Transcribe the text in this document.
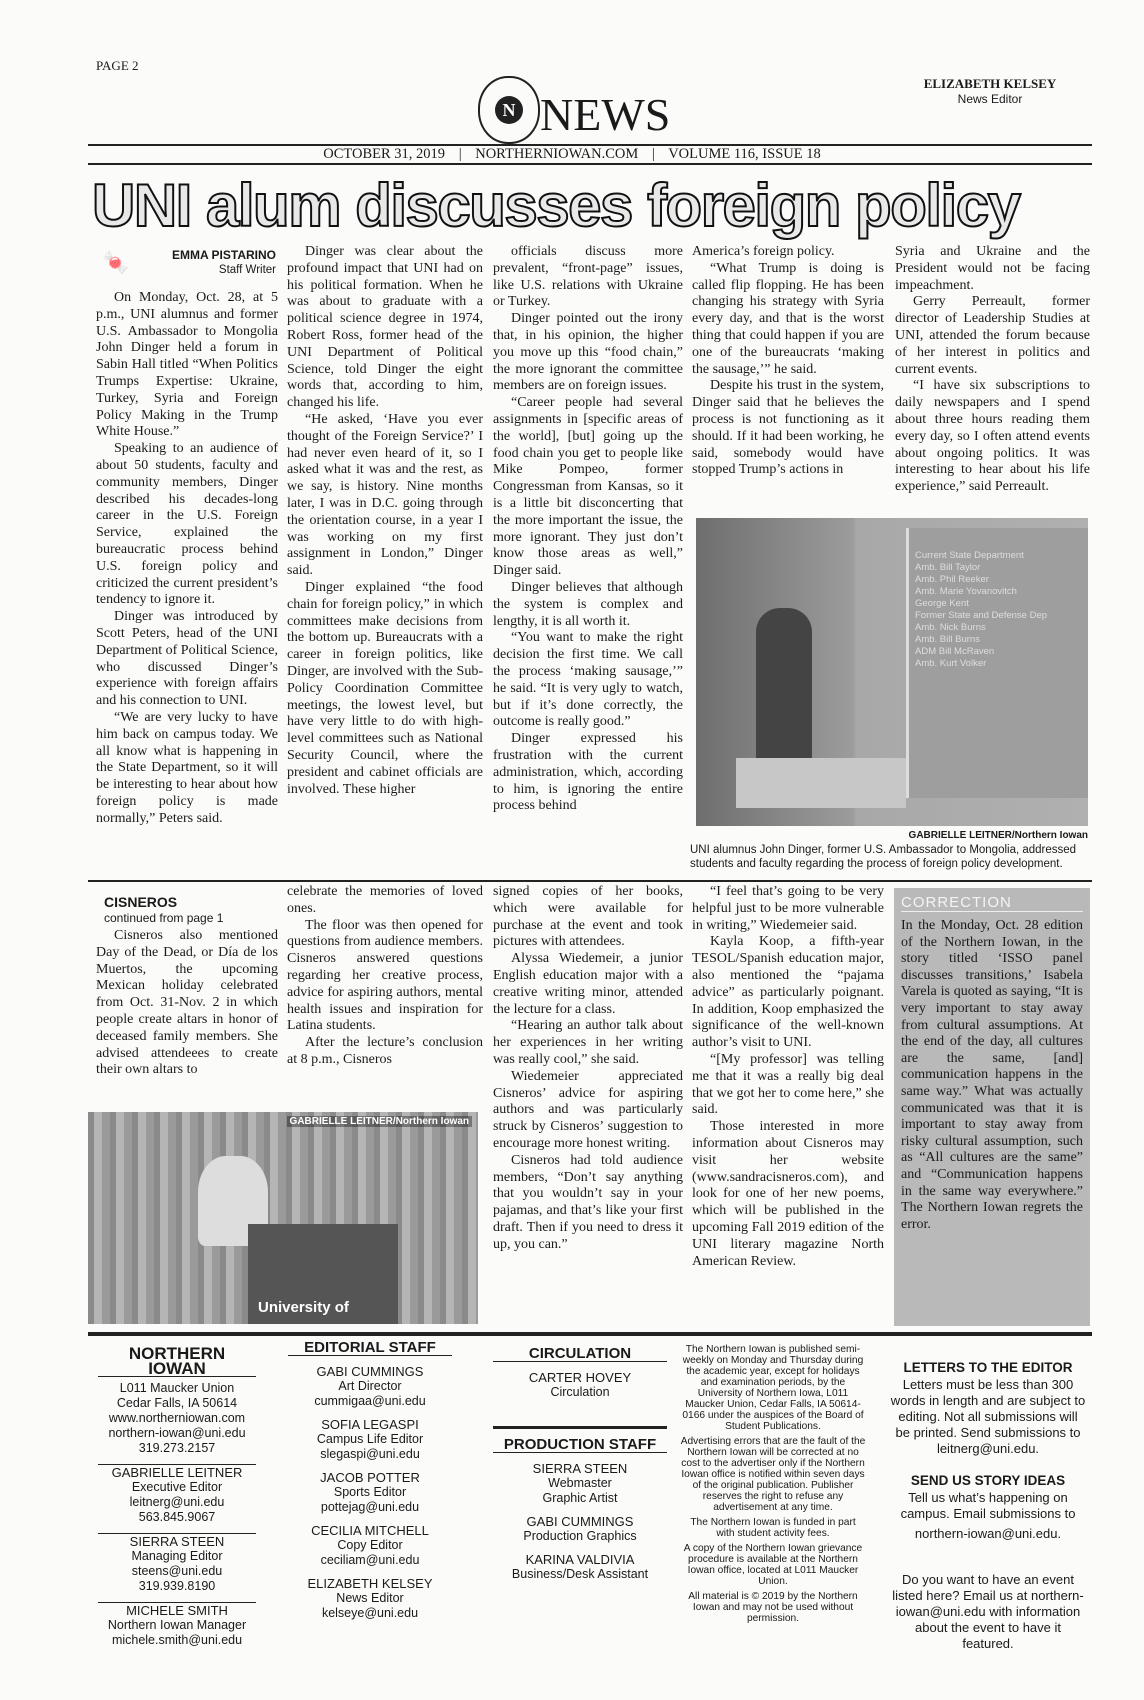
PAGE 2
N NEWS
ELIZABETH KELSEY
News Editor
OCTOBER 31, 2019 | NORTHERNIOWAN.COM | VOLUME 116, ISSUE 18
UNI alum discusses foreign policy
🍬	EMMA PISTARINO
Staff Writer

On Monday, Oct. 28, at 5 p.m., UNI alumnus and former U.S. Ambassador to Mongolia John Dinger held a forum in Sabin Hall titled “When Politics Trumps Expertise: Ukraine, Turkey, Syria and Foreign Policy Making in the Trump White House.”

Speaking to an audience of about 50 students, faculty and community members, Dinger described his decades-long career in the U.S. Foreign Service, explained the bureaucratic process behind U.S. foreign policy and criticized the current president’s tendency to ignore it.

Dinger was introduced by Scott Peters, head of the UNI Department of Political Science, who discussed Dinger’s experience with foreign affairs and his connection to UNI.

“We are very lucky to have him back on campus today. We all know what is happening in the State Department, so it will be interesting to hear about how foreign policy is made normally,” Peters said.

Dinger was clear about the profound impact that UNI had on his political formation. When he was about to graduate with a political science degree in 1974, Robert Ross, former head of the UNI Department of Political Science, told Dinger the eight words that, according to him, changed his life.

“He asked, ‘Have you ever thought of the Foreign Service?’ I had never even heard of it, so I asked what it was and the rest, as we say, is history. Nine months later, I was in D.C. going through the orientation course, in a year I was working on my first assignment in London,” Dinger said.

Dinger explained “the food chain for foreign policy,” in which committees make decisions from the bottom up. Bureaucrats with a career in foreign politics, like Dinger, are involved with the Sub-Policy Coordination Committee meetings, the lowest level, but have very little to do with high-level committees such as National Security Council, where the president and cabinet officials are involved. These higher

officials discuss more prevalent, “front-page” issues, like U.S. relations with Ukraine or Turkey.

Dinger pointed out the irony that, in his opinion, the higher you move up this “food chain,” the more ignorant the committee members are on foreign issues.

“Career people had several assignments in [specific areas of the world], [but] going up the food chain you get to people like Mike Pompeo, former Congressman from Kansas, so it is a little bit disconcerting that the more important the issue, the more ignorant. They just don’t know those areas as well,” Dinger said.

Dinger believes that although the system is complex and lengthy, it is all worth it.

“You want to make the right decision the first time. We call the process ‘making sausage,’” he said. “It is very ugly to watch, but if it’s done correctly, the outcome is really good.”

Dinger expressed his frustration with the current administration, which, according to him, is ignoring the entire process behind

America’s foreign policy.

“What Trump is doing is called flip flopping. He has been changing his strategy with Syria every day, and that is the worst thing that could happen if you are one of the bureaucrats ‘making the sausage,’” he said.

Despite his trust in the system, Dinger said that he believes the process is not functioning as it should. If it had been working, he said, somebody would have stopped Trump’s actions in

Syria and Ukraine and the President would not be facing impeachment.

Gerry Perreault, former director of Leadership Studies at UNI, attended the forum because of her interest in politics and current events.

“I have six subscriptions to daily newspapers and I spend about three hours reading them every day, so I often attend events about ongoing politics. It was interesting to hear about his life experience,” said Perreault.

Current State Department
Amb. Bill Taylor
Amb. Phil Reeker
Amb. Marie Yovanovitch
George Kent
Former State and Defense Dep
Amb. Nick Burns
Amb. Bill Burns
ADM Bill McRaven
Amb. Kurt Volker
GABRIELLE LEITNER/Northern Iowan
UNI alumnus John Dinger, former U.S. Ambassador to Mongolia, addressed students and faculty regarding the process of foreign policy development.
CISNEROS
continued from page 1

Cisneros also mentioned Day of the Dead, or Día de los Muertos, the upcoming Mexican holiday celebrated from Oct. 31-Nov. 2 in which people create altars in honor of deceased family members. She advised attendeees to create their own altars to

celebrate the memories of loved ones.

The floor was then opened for questions from audience members. Cisneros answered questions regarding her creative process, advice for aspiring authors, mental health issues and inspiration for Latina students.

After the lecture’s conclusion at 8 p.m., Cisneros

signed copies of her books, which were available for purchase at the event and took pictures with attendees.

Alyssa Wiedemeir, a junior English education major with a creative writing minor, attended the lecture for a class.

“Hearing an author talk about her experiences in her writing was really cool,” she said.

Wiedemeier appreciated Cisneros’ advice for aspiring authors and was particularly struck by Cisneros’ suggestion to encourage more honest writing.

Cisneros had told audience members, “Don’t say anything that you wouldn’t say in your pajamas, and that’s like your first draft. Then if you need to dress it up, you can.”

“I feel that’s going to be very helpful just to be more vulnerable in writing,” Wiedemeier said.

Kayla Koop, a fifth-year TESOL/Spanish education major, also mentioned the “pajama advice” as particularly poignant. In addition, Koop emphasized the significance of the well-known author’s visit to UNI.

“[My professor] was telling me that it was a really big deal that we got her to come here,” she said.

Those interested in more information about Cisneros may visit her website (www.sandracisneros.com), and look for one of her new poems, which will be published in the upcoming Fall 2019 edition of the UNI literary magazine North American Review.

GABRIELLE LEITNER/Northern Iowan
University of
CORRECTION
In the Monday, Oct. 28 edition of the Northern Iowan, in the story titled ‘ISSO panel discusses transitions,’ Isabela Varela is quoted as saying, “It is very important to stay away from cultural assumptions. At the end of the day, all cultures are the same, [and] communication happens in the same way.” What was actually communicated was that it is important to stay away from risky cultural assumption, such as “All cultures are the same” and “Communication happens in the same way everywhere.” The Northern Iowan regrets the error.
NORTHERN IOWAN
L011 Maucker Union
Cedar Falls, IA 50614
www.northerniowan.com
northern-iowan@uni.edu
319.273.2157
GABRIELLE LEITNER
Executive Editor
leitnerg@uni.edu
563.845.9067
SIERRA STEEN
Managing Editor
steens@uni.edu
319.939.8190
MICHELE SMITH
Northern Iowan Manager
michele.smith@uni.edu
EDITORIAL STAFF
GABI CUMMINGS
Art Director
cummigaa@uni.edu
SOFIA LEGASPI
Campus Life Editor
slegaspi@uni.edu
JACOB POTTER
Sports Editor
pottejag@uni.edu
CECILIA MITCHELL
Copy Editor
ceciliam@uni.edu
ELIZABETH KELSEY
News Editor
kelseye@uni.edu
CIRCULATION
CARTER HOVEY
Circulation
PRODUCTION STAFF
SIERRA STEEN
Webmaster
Graphic Artist
GABI CUMMINGS
Production Graphics
KARINA VALDIVIA
Business/Desk Assistant

The Northern Iowan is published semi-weekly on Monday and Thursday during the academic year, except for holidays and examination periods, by the University of Northern Iowa, L011 Maucker Union, Cedar Falls, IA 50614-0166 under the auspices of the Board of Student Publications.

Advertising errors that are the fault of the Northern Iowan will be corrected at no cost to the advertiser only if the Northern Iowan office is notified within seven days of the original publication. Publisher reserves the right to refuse any advertisement at any time.

The Northern Iowan is funded in part with student activity fees.

A copy of the Northern Iowan grievance procedure is available at the Northern Iowan office, located at L011 Maucker Union.

All material is © 2019 by the Northern Iowan and may not be used without permission.

LETTERS TO THE EDITOR
Letters must be less than 300 words in length and are subject to editing. Not all submissions will be printed. Send submissions to leitnerg@uni.edu.
SEND US STORY IDEAS
Tell us what’s happening on campus. Email submissions to
northern-iowan@uni.edu.
Do you want to have an event listed here? Email us at northern-iowan@uni.edu with information about the event to have it featured.
